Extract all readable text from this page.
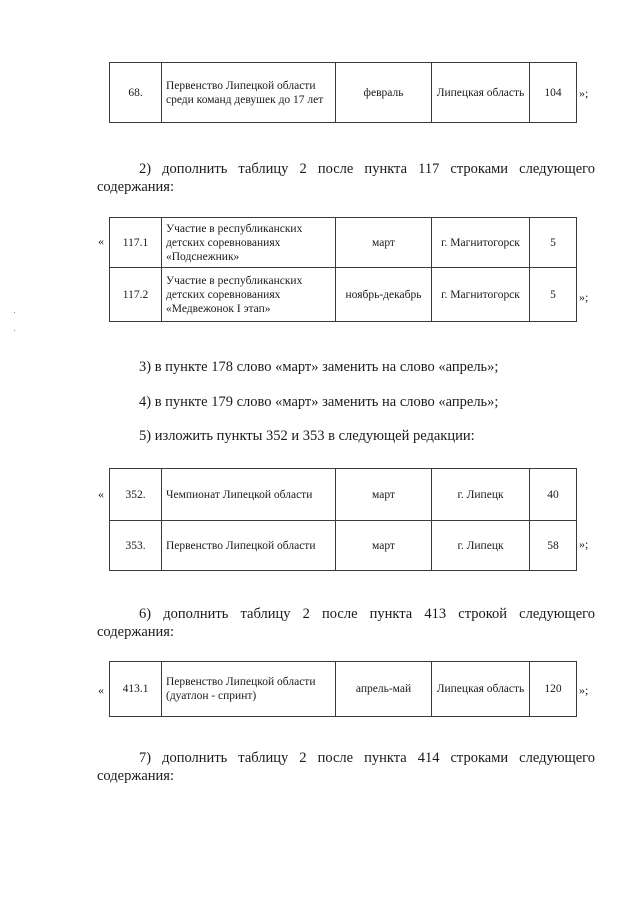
68.	Первенство Липецкой области среди команд девушек до 17 лет	февраль	Липецкая область	104 »;
2) дополнить таблицу 2 после пункта 117 строками следующего
содержания:
« 117.1	Участие в республиканских детских соревнованиях «Подснежник»	март	г. Магнитогорск	5
117.2	Участие в республиканских детских соревнованиях «Медвежонок I этап»	ноябрь-декабрь	г. Магнитогорск	5 »;
3) в пункте 178 слово «март» заменить на слово «апрель»;
4) в пункте 179 слово «март» заменить на слово «апрель»;
5) изложить пункты 352 и 353 в следующей редакции:
« 352.	Чемпионат Липецкой области	март	г. Липецк	40
353.	Первенство Липецкой области	март	г. Липецк	58 »;
6) дополнить таблицу 2 после пункта 413 строкой следующего
содержания:
« 413.1	Первенство Липецкой области (дуатлон - спринт)	апрель-май	Липецкая область	120 »;
7) дополнить таблицу 2 после пункта 414 строками следующего
содержания:
